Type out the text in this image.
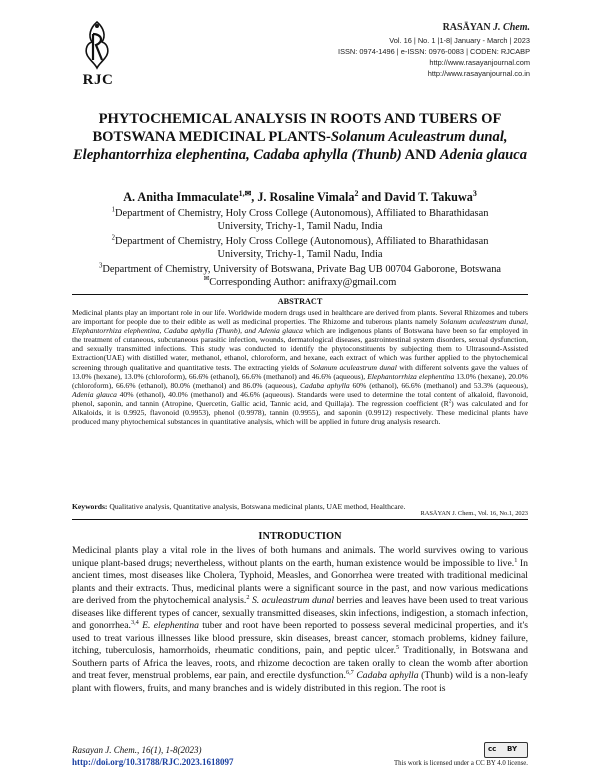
RJC
RASĀYAN J. Chem.
Vol. 16 | No. 1 |1-8| January - March | 2023
ISSN: 0974-1496 | e-ISSN: 0976-0083 | CODEN: RJCABP
http://www.rasayanjournal.com
http://www.rasayanjournal.co.in
PHYTOCHEMICAL ANALYSIS IN ROOTS AND TUBERS OF BOTSWANA MEDICINAL PLANTS-Solanum Aculeastrum dunal, Elephantorrhiza elephentina, Cadaba aphylla (Thunb) AND Adenia glauca
A. Anitha Immaculate$^{1,✉}$, J. Rosaline Vimala$^2$ and David T. Takuwa$^3$
$^1$Department of Chemistry, Holy Cross College (Autonomous), Affiliated to Bharathidasan
University, Trichy-1, Tamil Nadu, India
$^2$Department of Chemistry, Holy Cross College (Autonomous), Affiliated to Bharathidasan
University, Trichy-1, Tamil Nadu, India
$^3$Department of Chemistry, University of Botswana, Private Bag UB 00704 Gaborone, Botswana
✉Corresponding Author: anifraxy@gmail.com
ABSTRACT
Medicinal plants play an important role in our life. Worldwide modern drugs used in healthcare are derived from plants. Several Rhizomes and tubers are important for people due to their edible as well as medicinal properties. The Rhizome and tuberous plants namely Solanum aculeastrum dunal, Elephantorrhiza elephentina, Cadaba aphylla (Thunb), and Adenia glauca which are indigenous plants of Botswana have been so far employed in the treatment of cutaneous, subcutaneous parasitic infection, wounds, dermatological diseases, gastrointestinal system disorders, sexual dysfunction, and sexually transmitted infections. This study was conducted to identify the phytoconstituents by subjecting them to Ultrasound-Assisted Extraction(UAE) with distilled water, methanol, ethanol, chloroform, and hexane, each extract of which was further applied to the phytochemical screening through qualitative and quantitative tests. The extracting yields of Solanum aculeastrum dunal with different solvents gave the values of 13.0% (hexane), 13.0% (chloroform), 66.6% (ethanol), 66.6% (methanol) and 46.6% (aqueous), Elephantorrhiza elephentina 13.0% (hexane), 20.0% (chloroform), 66.6% (ethanol), 80.0% (methanol) and 86.0% (aqueous), Cadaba aphylla 60% (ethanol), 66.6% (methanol) and 53.3% (aqueous), Adenia glauca 40% (ethanol), 40.0% (methanol) and 46.6% (aqueous). Standards were used to determine the total content of alkaloid, flavonoid, phenol, saponin, and tannin (Atropine, Quercetin, Gallic acid, Tannic acid, and Quillaja). The regression coefficient $(R^2)$ was calculated and for Alkaloids, it is 0.9925, flavonoid (0.9953), phenol (0.9978), tannin (0.9955), and saponin (0.9912) respectively. These medicinal plants have produced many phytochemical substances in quantitative analysis, which will be applied in future drug analysis research.
Keywords: Qualitative analysis, Quantitative analysis, Botswana medicinal plants, UAE method, Healthcare.
RASĀYAN J. Chem., Vol. 16, No.1, 2023
INTRODUCTION
Medicinal plants play a vital role in the lives of both humans and animals. The world survives owing to various unique plant-based drugs; nevertheless, without plants on the earth, human existence would be impossible to live.$^1$ In ancient times, most diseases like Cholera, Typhoid, Measles, and Gonorrhea were treated with traditional medicinal plants and their extracts. Thus, medicinal plants were a significant source in the past, and now various medications are derived from the phytochemical analysis.$^2$ S. aculeastrum dunal berries and leaves have been used to treat various diseases like different types of cancer, sexually transmitted diseases, skin infections, indigestion, a stomach infection, and gonorrhea.$^{3,4}$ E. elephentina tuber and root have been reported to possess several medicinal properties, and it's used to treat various illnesses like blood pressure, skin diseases, breast cancer, stomach problems, kidney failure, itching, tuberculosis, hamorrhoids, rheumatic conditions, pain, and peptic ulcer.$^5$ Traditionally, in Botswana and Southern parts of Africa the leaves, roots, and rhizome decoction are taken orally to clean the womb after abortion and treat fever, menstrual problems, ear pain, and erectile dysfunction.$^{6,7}$ Cadaba aphylla (Thunb) wild is a non-leafy plant with flowers, fruits, and many branches and is widely distributed in this region. The root is
Rasayan J. Chem., 16(1), 1-8(2023)
http://doi.org/10.31788/RJC.2023.1618097
cc BY
This work is licensed under a CC BY 4.0 license.
